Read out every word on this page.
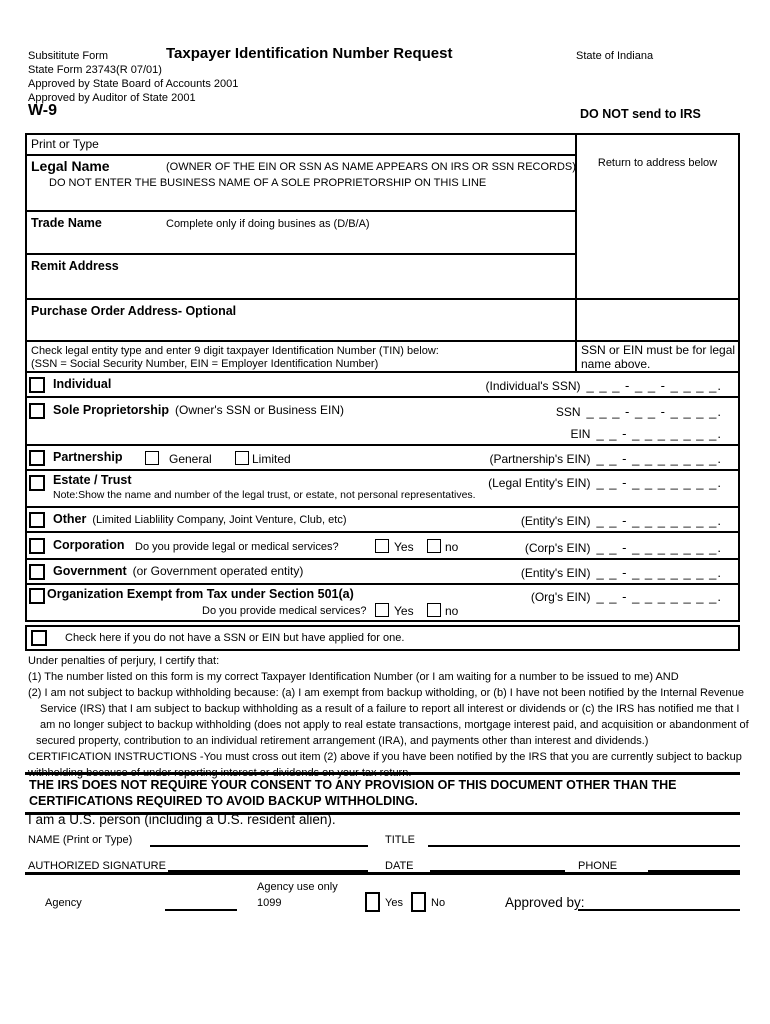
Subsititute Form
State Form 23743(R 07/01)
Approved by State Board of Accounts 2001
Approved by Auditor of State 2001
Taxpayer Identification Number Request	State of Indiana
W-9	DO NOT send to IRS
Print or Type
Legal Name	(OWNER OF THE EIN OR SSN AS NAME APPEARS ON IRS OR SSN RECORDS)
DO NOT ENTER THE BUSINESS NAME OF A SOLE PROPRIETORSHIP ON THIS LINE
Trade Name	Complete only if doing busines as (D/B/A)
Remit Address
Purchase Order Address- Optional
Return to address below
Check legal entity type and enter 9 digit taxpayer Identification Number (TIN) below:
(SSN = Social Security Number, EIN = Employer Identification Number)
SSN or EIN must be for legal name above.
Individual	(Individual's SSN) _ _ _ - _ _ - _ _ _ _.
Sole Proprietorship (Owner's SSN or Business EIN)	SSN _ _ _ - _ _ - _ _ _ _.
EIN _ _ - _ _ _ _ _ _ _.
Partnership	General	Limited	(Partnership's EIN) _ _ - _ _ _ _ _ _ _.
Estate / Trust
Note:Show the name and number of the legal trust, or estate, not personal representatives.
(Legal Entity's EIN) _ _ - _ _ _ _ _ _ _.
Other (Limited Liablility Company, Joint Venture, Club, etc)	(Entity's EIN) _ _ - _ _ _ _ _ _ _.
Corporation Do you provide legal or medical services?	Yes	no	(Corp's EIN) _ _ - _ _ _ _ _ _ _.
Government (or Government operated entity)	(Entity's EIN) _ _ - _ _ _ _ _ _ _.
Organization Exempt from Tax under Section 501(a)
Do you provide medical services? Yes	no
(Org's EIN) _ _ - _ _ _ _ _ _ _.
Check here if you do not have a SSN or EIN but have applied for one.
Under penalties of perjury, I certify that:
(1) The number listed on this form is my correct Taxpayer Identification Number (or I am waiting for a number to be issued to me) AND
(2) I am not subject to backup withholding because: (a) I am exempt from backup witholding, or (b) I have not been notified by the Internal Revenue
Service (IRS) that I am subject to backup withholding as a result of a failure to report all interest or dividends or (c) the IRS has notified me that I
am no longer subject to backup withholding (does not apply to real estate transactions, mortgage interest paid, and acquisition or abandonment of
secured property, contribution to an individual retirement arrangement (IRA), and payments other than interest and dividends.)
CERTIFICATION INSTRUCTIONS -You must cross out item (2) above if you have been notified by the IRS that you are currently subject to backup
withholding because of under reporting interest or dividends on your tax return.
THE IRS DOES NOT REQUIRE YOUR CONSENT TO ANY PROVISION OF THIS DOCUMENT OTHER THAN THE
CERTIFICATIONS REQUIRED TO AVOID BACKUP WITHHOLDING.
I am a U.S. person (including a U.S. resident alien).
NAME (Print or Type)	TITLE
AUTHORIZED SIGNATURE	DATE	PHONE
Agency
Agency use only
1099	Yes	No	Approved by:
